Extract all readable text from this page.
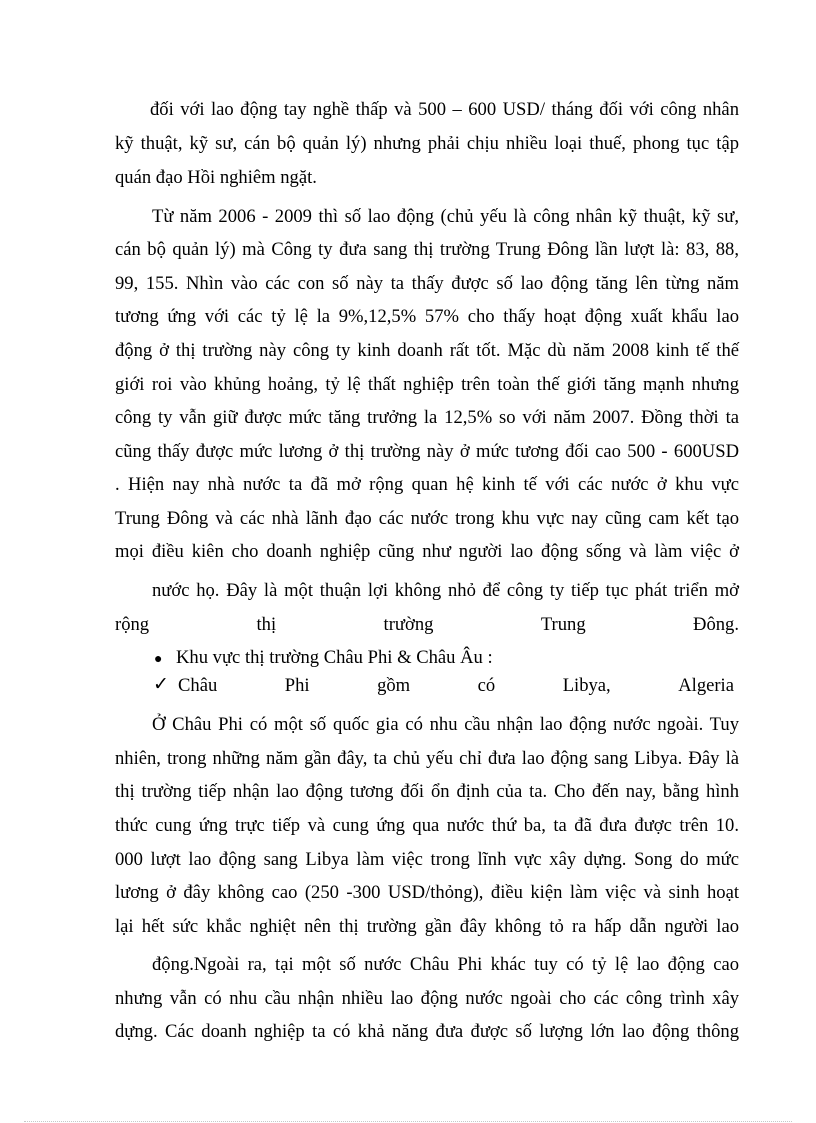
đối với lao động tay nghề thấp và 500 – 600 USD/ tháng đối với công nhân
kỹ thuật, kỹ sư, cán bộ quản lý) nhưng phải chịu nhiều loại thuế, phong tục tập
quán đạo Hồi nghiêm ngặt.
Từ năm 2006 - 2009 thì số lao động (chủ yếu là công nhân kỹ thuật, kỹ sư,
cán bộ quản lý) mà Công ty đưa sang thị trường Trung Đông lần lượt là: 83, 88,
99, 155. Nhìn vào các con số này ta thấy được số lao động tăng lên từng năm
tương ứng với các tỷ lệ la 9%,12,5% 57% cho thấy hoạt động xuất khẩu lao
động ở thị trường này công ty kinh doanh rất tốt. Mặc dù năm 2008 kinh tế thế
giới roi vào khủng hoảng, tỷ lệ thất nghiệp trên toàn thế giới tăng mạnh nhưng
công ty vẫn giữ được mức tăng trưởng la 12,5% so với năm 2007. Đồng thời ta
cũng thấy được mức lương ở thị trường này ở mức tương đối cao 500 - 600USD
. Hiện nay nhà nước ta đã mở rộng quan hệ kinh tế với các nước ở khu vực
Trung Đông và các nhà lãnh đạo các nước trong khu vực nay cũng cam kết tạo
mọi điều kiên cho doanh nghiệp cũng như người lao động sống và làm việc ở
nước họ. Đây là một thuận lợi không nhỏ để công ty tiếp tục phát triển mở
rộng	thị	trường	Trung	Đông.
● Khu vực thị trường Châu Phi & Châu Âu :
✓ Châu	Phi	gồm	có	Libya,	Algeria
Ở Châu Phi có một số quốc gia có nhu cầu nhận lao động nước ngoài. Tuy
nhiên, trong những năm gần đây, ta chủ yếu chỉ đưa lao động sang Libya. Đây là
thị trường tiếp nhận lao động tương đối ổn định của ta. Cho đến nay, bằng hình
thức cung ứng trực tiếp và cung ứng qua nước thứ ba, ta đã đưa được trên 10.
000 lượt lao động sang Libya làm việc trong lĩnh vực xây dựng. Song do mức
lương ở đây không cao (250 -300 USD/thỏng), điều kiện làm việc và sinh hoạt
lại hết sức khắc nghiệt nên thị trường gần đây không tỏ ra hấp dẫn người lao
động.Ngoài ra, tại một số nước Châu Phi khác tuy có tỷ lệ lao động cao
nhưng vẫn có nhu cầu nhận nhiều lao động nước ngoài cho các công trình xây
dựng. Các doanh nghiệp ta có khả năng đưa được số lượng lớn lao động thông
